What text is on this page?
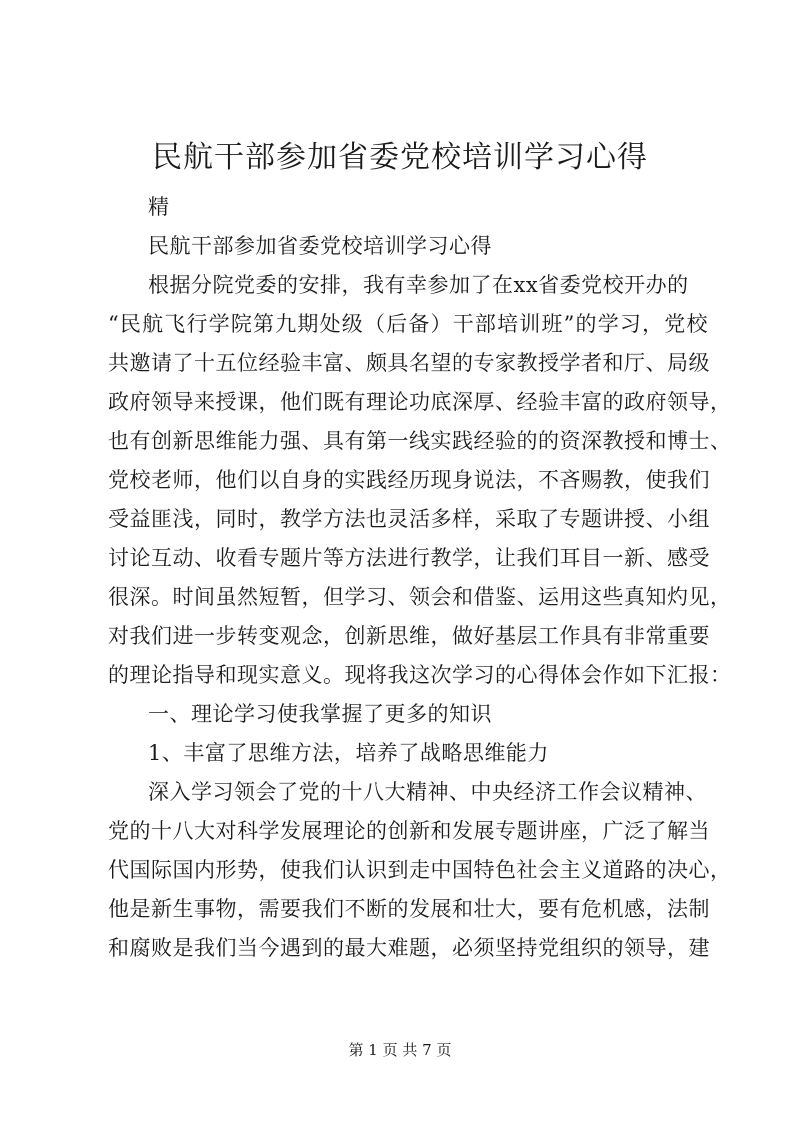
民航干部参加省委党校培训学习心得
精
民航干部参加省委党校培训学习心得
根据分院党委的安排，我有幸参加了在xx省委党校开办的
“民航飞行学院第九期处级（后备）干部培训班”的学习，党校
共邀请了十五位经验丰富、颇具名望的专家教授学者和厅、局级
政府领导来授课，他们既有理论功底深厚、经验丰富的政府领导，
也有创新思维能力强、具有第一线实践经验的的资深教授和博士、
党校老师，他们以自身的实践经历现身说法，不吝赐教，使我们
受益匪浅，同时，教学方法也灵活多样，采取了专题讲授、小组
讨论互动、收看专题片等方法进行教学，让我们耳目一新、感受
很深。时间虽然短暂，但学习、领会和借鉴、运用这些真知灼见，
对我们进一步转变观念，创新思维，做好基层工作具有非常重要
的理论指导和现实意义。现将我这次学习的心得体会作如下汇报：
一、理论学习使我掌握了更多的知识
1、丰富了思维方法，培养了战略思维能力
深入学习领会了党的十八大精神、中央经济工作会议精神、
党的十八大对科学发展理论的创新和发展专题讲座，广泛了解当
代国际国内形势，使我们认识到走中国特色社会主义道路的决心，
他是新生事物，需要我们不断的发展和壮大，要有危机感，法制
和腐败是我们当今遇到的最大难题，必须坚持党组织的领导，建
第 1 页 共 7 页
